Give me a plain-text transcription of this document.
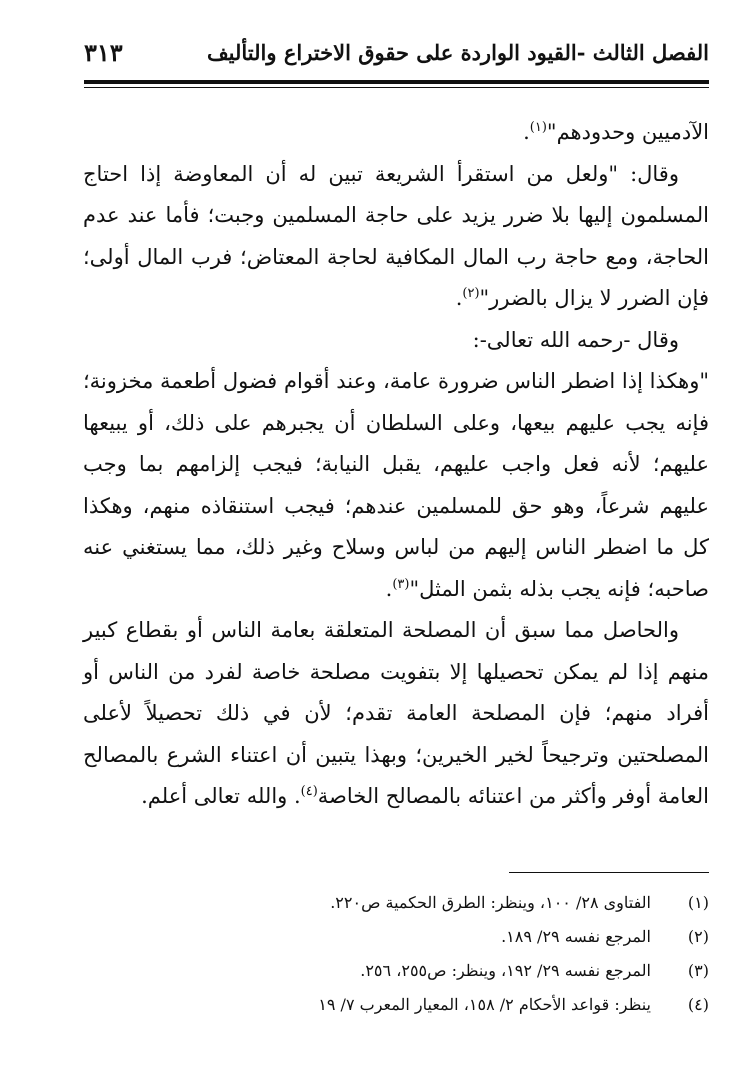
الفصل الثالث -القيود الواردة على حقوق الاختراع والتأليف
٣١٣

الآدميين وحدودهم"$^{(١)}$.

وقال: "ولعل من استقرأ الشريعة تبين له أن المعاوضة إذا احتاج المسلمون إليها بلا ضرر يزيد على حاجة المسلمين وجبت؛ فأما عند عدم الحاجة، ومع حاجة رب المال المكافية لحاجة المعتاض؛ فرب المال أولى؛ فإن الضرر لا يزال بالضرر"$^{(٢)}$.

وقال -رحمه الله تعالى-:

"وهكذا إذا اضطر الناس ضرورة عامة، وعند أقوام فضول أطعمة مخزونة؛ فإنه يجب عليهم بيعها، وعلى السلطان أن يجبرهم على ذلك، أو يبيعها عليهم؛ لأنه فعل واجب عليهم، يقبل النيابة؛ فيجب إلزامهم بما وجب عليهم شرعاً، وهو حق للمسلمين عندهم؛ فيجب استنقاذه منهم، وهكذا كل ما اضطر الناس إليهم من لباس وسلاح وغير ذلك، مما يستغني عنه صاحبه؛ فإنه يجب بذله بثمن المثل"$^{(٣)}$.

والحاصل مما سبق أن المصلحة المتعلقة بعامة الناس أو بقطاع كبير منهم إذا لم يمكن تحصيلها إلا بتفويت مصلحة خاصة لفرد من الناس أو أفراد منهم؛ فإن المصلحة العامة تقدم؛ لأن في ذلك تحصيلاً لأعلى المصلحتين وترجيحاً لخير الخيرين؛ وبهذا يتبين أن اعتناء الشرع بالمصالح العامة أوفر وأكثر من اعتنائه بالمصالح الخاصة$^{(٤)}$. والله تعالى أعلم.

(١)
الفتاوى ٢٨/ ١٠٠، وينظر: الطرق الحكمية ص٢٢٠.
(٢)
المرجع نفسه ٢٩/ ١٨٩.
(٣)
المرجع نفسه ٢٩/ ١٩٢، وينظر: ص٢٥٥، ٢٥٦.
(٤)
ينظر: قواعد الأحكام ٢/ ١٥٨، المعيار المعرب ٧/ ١٩
